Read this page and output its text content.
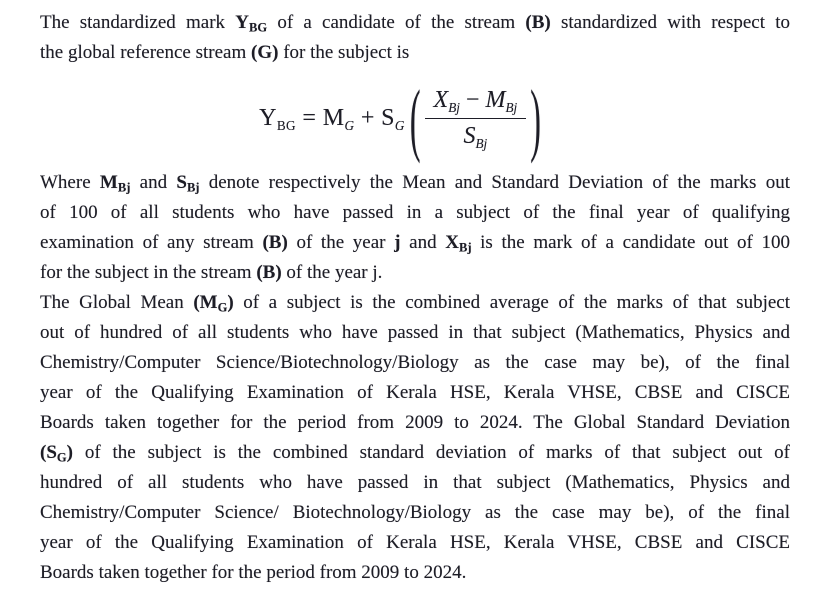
The standardized mark $Y_{BG}$ of a candidate of the stream (B) standardized with respect to
the global reference stream (G) for the subject is
$Y_{BG} = M_G + S_G$ ( $\frac{X_{Bj} - M_{Bj}}{S_{Bj}}$ )
Where $M_{Bj}$ and $S_{Bj}$ denote respectively the Mean and Standard Deviation of the marks out
of 100 of all students who have passed in a subject of the final year of qualifying
examination of any stream (B) of the year j and $X_{Bj}$ is the mark of a candidate out of 100
for the subject in the stream (B) of the year j.
The Global Mean $(M_G)$ of a subject is the combined average of the marks of that subject
out of hundred of all students who have passed in that subject (Mathematics, Physics and
Chemistry/Computer Science/Biotechnology/Biology as the case may be), of the final
year of the Qualifying Examination of Kerala HSE, Kerala VHSE, CBSE and CISCE
Boards taken together for the period from 2009 to 2024. The Global Standard Deviation
$(S_G)$ of the subject is the combined standard deviation of marks of that subject out of
hundred of all students who have passed in that subject (Mathematics, Physics and
Chemistry/Computer Science/ Biotechnology/Biology as the case may be), of the final
year of the Qualifying Examination of Kerala HSE, Kerala VHSE, CBSE and CISCE
Boards taken together for the period from 2009 to 2024.
